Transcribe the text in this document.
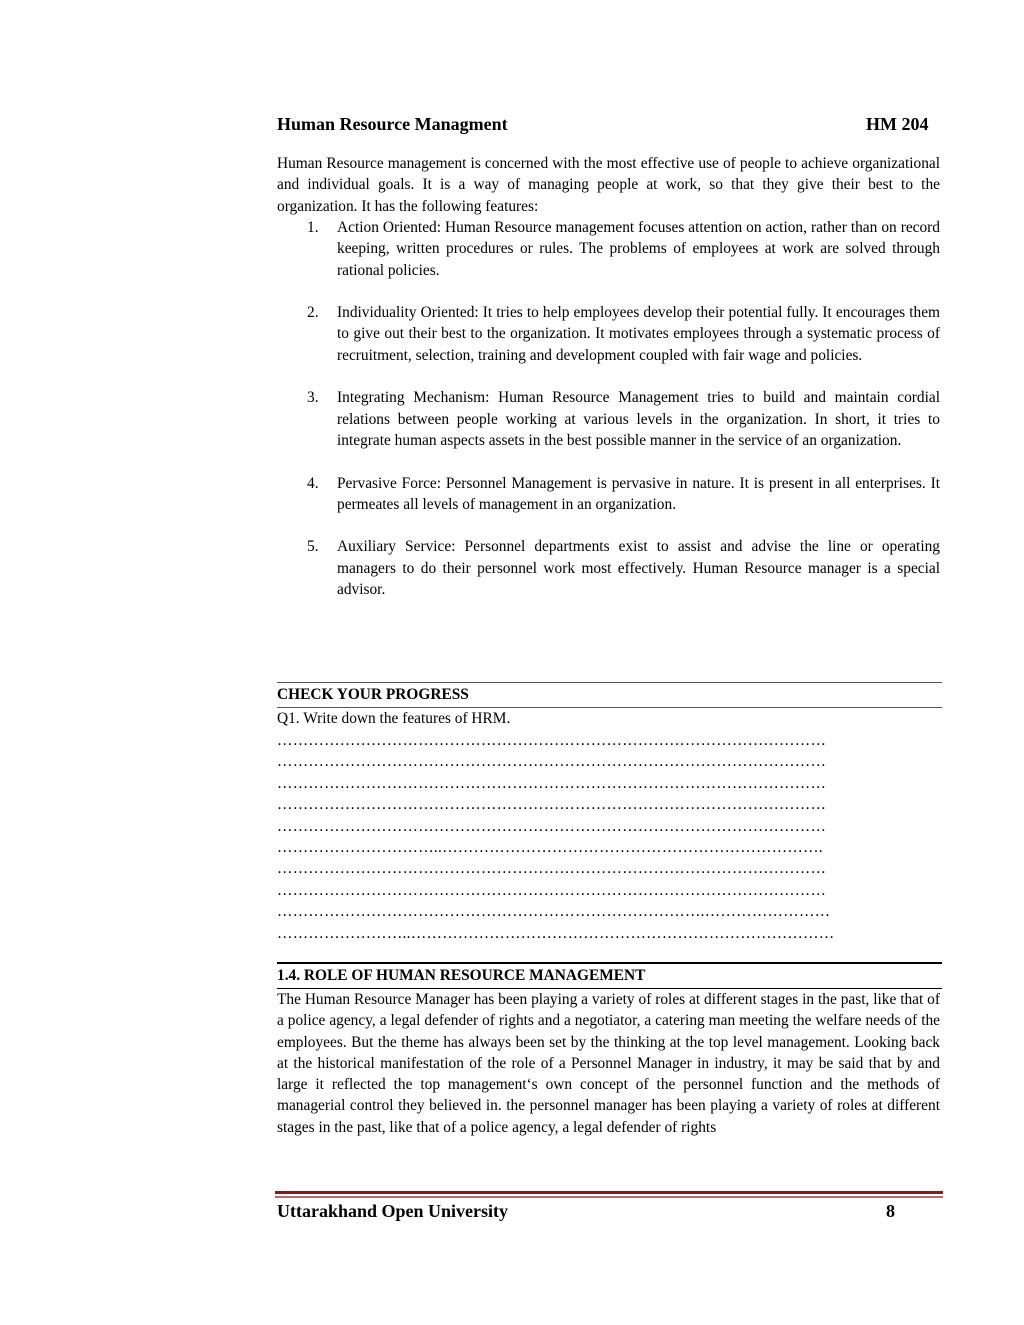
Human Resource Managment	HM 204
Human Resource management is concerned with the most effective use of people to achieve organizational and individual goals. It is a way of managing people at work, so that they give their best to the organization. It has the following features:
1. Action Oriented: Human Resource management focuses attention on action, rather than on record keeping, written procedures or rules. The problems of employees at work are solved through rational policies.
2. Individuality Oriented: It tries to help employees develop their potential fully. It encourages them to give out their best to the organization. It motivates employees through a systematic process of recruitment, selection, training and development coupled with fair wage and policies.
3. Integrating Mechanism: Human Resource Management tries to build and maintain cordial relations between people working at various levels in the organization. In short, it tries to integrate human aspects assets in the best possible manner in the service of an organization.
4. Pervasive Force: Personnel Management is pervasive in nature. It is present in all enterprises. It permeates all levels of management in an organization.
5. Auxiliary Service: Personnel departments exist to assist and advise the line or operating managers to do their personnel work most effectively. Human Resource manager is a special advisor.
CHECK YOUR PROGRESS
Q1. Write down the features of HRM.
……………………………………………………………………………………………
……………………………………………………………………………………………
……………………………………………………………………………………………
……………………………………………………………………………………………
……………………………………………………………………………………………
…………………………..……………………………………………………………….
……………………………………………………………………………………………
……………………………………………………………………………………………
……………………………………………………………………….……………………
……………………..………………………………………………………………………
1.4. ROLE OF HUMAN RESOURCE MANAGEMENT
The Human Resource Manager has been playing a variety of roles at different stages in the past, like that of a police agency, a legal defender of rights and a negotiator, a catering man meeting the welfare needs of the employees. But the theme has always been set by the thinking at the top level management. Looking back at the historical manifestation of the role of a Personnel Manager in industry, it may be said that by and large it reflected the top management‘s own concept of the personnel function and the methods of managerial control they believed in. the personnel manager has been playing a variety of roles at different stages in the past, like that of a police agency, a legal defender of rights
Uttarakhand Open University	8
